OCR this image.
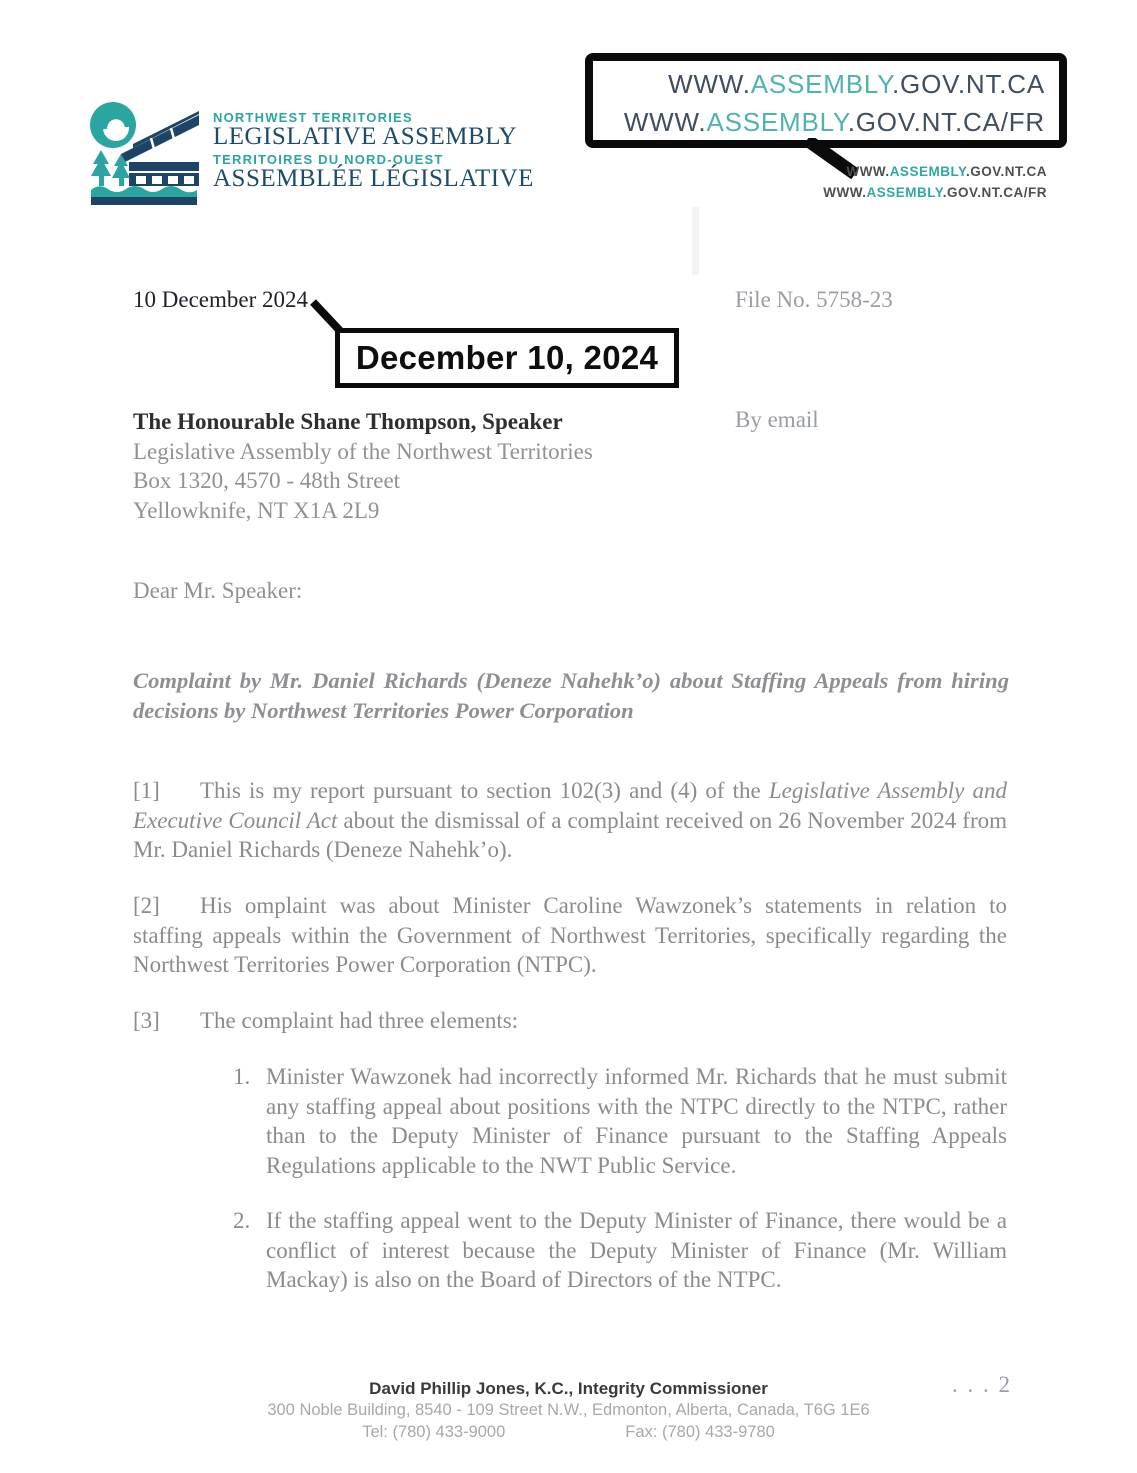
NORTHWEST TERRITORIES
LEGISLATIVE ASSEMBLY
TERRITOIRES DU NORD-OUEST
ASSEMBLÉE LÉGISLATIVE
WWW.ASSEMBLY.GOV.NT.CA
WWW.ASSEMBLY.GOV.NT.CA/FR
WWW.ASSEMBLY.GOV.NT.CA
WWW.ASSEMBLY.GOV.NT.CA/FR
10 December 2024	File No. 5758-23
December 10, 2024
The Honourable Shane Thompson, Speaker
Legislative Assembly of the Northwest Territories
Box 1320, 4570 - 48th Street
Yellowknife, NT X1A 2L9
By email
Dear Mr. Speaker:
Complaint by Mr. Daniel Richards (Deneze Nahehk’o) about Staffing Appeals from hiring decisions by Northwest Territories Power Corporation

[1] This is my report pursuant to section 102(3) and (4) of the Legislative Assembly and Executive Council Act about the dismissal of a complaint received on 26 November 2024 from Mr. Daniel Richards (Deneze Nahehk’o).

[2] His omplaint was about Minister Caroline Wawzonek’s statements in relation to staffing appeals within the Government of Northwest Territories, specifically regarding the Northwest Territories Power Corporation (NTPC).

[3] The complaint had three elements:

1. Minister Wawzonek had incorrectly informed Mr. Richards that he must submit any staffing appeal about positions with the NTPC directly to the NTPC, rather than to the Deputy Minister of Finance pursuant to the Staffing Appeals Regulations applicable to the NWT Public Service.
2. If the staffing appeal went to the Deputy Minister of Finance, there would be a conflict of interest because the Deputy Minister of Finance (Mr. William Mackay) is also on the Board of Directors of the NTPC.
David Phillip Jones, K.C., Integrity Commissioner
300 Noble Building, 8540 - 109 Street N.W., Edmonton, Alberta, Canada, T6G 1E6
Tel: (780) 433-9000	Fax: (780) 433-9780
. . . 2
